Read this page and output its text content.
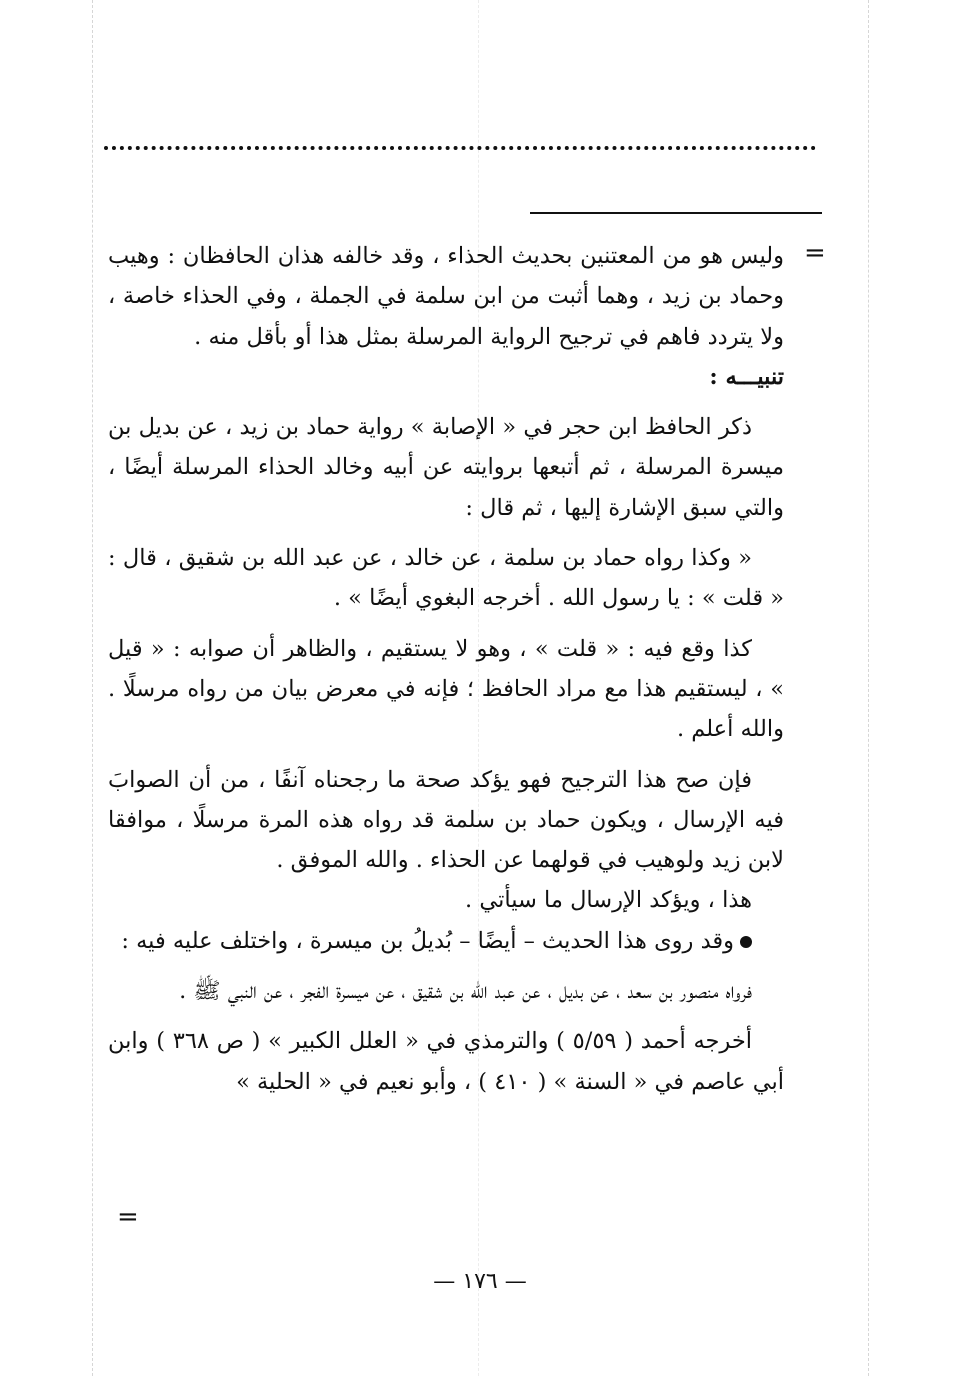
=

وليس هو من المعتنين بحديث الحذاء ، وقد خالفه هذان الحافظان : وهيب وحماد بن زيد ، وهما أثبت من ابن سلمة في الجملة ، وفي الحذاء خاصة ، ولا يتردد فاهم في ترجيح الرواية المرسلة بمثل هذا أو بأقل منه .

تنبيـــه :

ذكر الحافظ ابن حجر في « الإصابة » رواية حماد بن زيد ، عن بديل بن ميسرة المرسلة ، ثم أتبعها بروايته عن أبيه وخالد الحذاء المرسلة أيضًا ، والتي سبق الإشارة إليها ، ثم قال :

« وكذا رواه حماد بن سلمة ، عن خالد ، عن عبد الله بن شقيق ، قال : « قلت » : يا رسول الله . أخرجه البغوي أيضًا » .

كذا وقع فيه : « قلت » ، وهو لا يستقيم ، والظاهر أن صوابه : « قيل » ، ليستقيم هذا مع مراد الحافظ ؛ فإنه في معرض بيان من رواه مرسلًا . والله أعلم .

فإن صح هذا الترجيح فهو يؤكد صحة ما رجحناه آنفًا ، من أن الصوابَ فيه الإرسال ، ويكون حماد بن سلمة قد رواه هذه المرة مرسلًا ، موافقا لابن زيد ولوهيب في قولهما عن الحذاء . والله الموفق .

هذا ، ويؤكد الإرسال ما سيأتي .

وقد روى هذا الحديث – أيضًا – بُديلُ بن ميسرة ، واختلف عليه فيه :

فرواه منصور بن سعد ، عن بديل ، عن عبد الله بن شقيق ، عن ميسرة الفجر ، عن النبي ﷺ .

أخرجه أحمد ( ٥/٥٩ ) والترمذي في « العلل الكبير » ( ص ٣٦٨ ) وابن أبي عاصم في « السنة » ( ٤١٠ ) ، وأبو نعيم في « الحلية »

=
— ١٧٦ —
